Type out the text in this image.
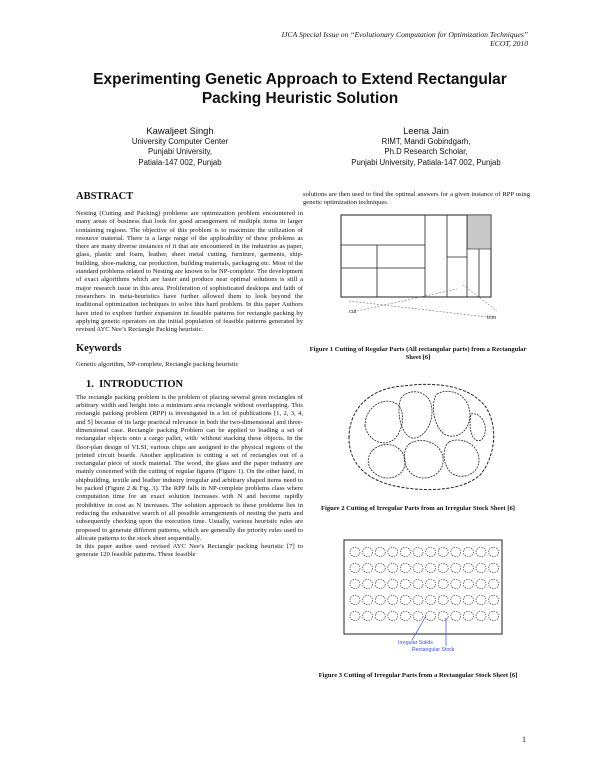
IJCA Special Issue on “Evolutionary Computation for Optimization Techniques”
ECOT, 2010
Experimenting Genetic Approach to Extend Rectangular
Packing Heuristic Solution
Kawaljeet Singh
University Computer Center
Punjabi University,
Patiala-147 002, Punjab
Leena Jain
RIMT, Mandi Gobindgarh,
Ph.D Research Scholar,
Punjabi University, Patiala-147 002, Punjab
ABSTRACT

Nesting (Cutting and Packing) problems are optimization problem encountered in many areas of business that look for good arrangement of multiple items in larger containing regions. The objective of this problem is to maximize the utilization of resource material. There is a large range of the applicability of these problems as there are many diverse instances of it that are encountered in the industries as paper, glass, plastic and foam, leather, sheet metal cutting, furniture, garments, ship-building, shoe-making, car production, building materials, packaging etc. Most of the standard problems related to Nesting are known to be NP-complete. The development of exact algorithms which are faster and produce near optimal solutions is still a major research issue in this area. Proliferation of sophisticated desktops and faith of researchers in meta-heuristics have further allowed them to look beyond the traditional optimization techniques to solve this hard problem. In this paper Authors have tried to explore further expansion in feasible patterns for rectangle packing by applying genetic operators on the initial population of feasible patterns generated by revised AYC Nee’s Rectangle Packing heuristic.

Keywords

Genetic algorithm, NP-complete, Rectangle packing heuristic

1.  INTRODUCTION

The rectangle packing problem is the problem of placing several given rectangles of arbitrary width and height into a minimum area rectangle without overlapping. This rectangle packing problem (RPP) is investigated in a lot of publications [1, 2, 3, 4, and 5] because of its large practical relevance in both the two-dimensional and three-dimensional case. Rectangle packing Problem can be applied to loading a set of rectangular objects onto a cargo pallet, with/ without stacking these objects. In the floor-plan design of VLSI, various chips are assigned to the physical regions of the printed circuit boards. Another application is cutting a set of rectangles out of a rectangular piece of stock material. The wood, the glass and the paper industry are mainly concerned with the cutting of regular figures (Figure 1). On the other hand, in shipbuilding, textile and leather industry irregular and arbitrary shaped items need to be packed (Figure 2 & Fig. 3). The RPP falls in NP-complete problems class where computation time for an exact solution increases with N and become rapidly prohibitive in cost as N increases. The solution approach to these problems lies in reducing the exhaustive search of all possible arrangements of nesting the parts and subsequently checking upon the execution time. Usually, various heuristic rules are proposed to generate different patterns, which are generally the priority rules used to allocate patterns to the stock sheet sequentially.

In this paper author used revised AYC Nee’s Rectangle packing heuristic [7] to generate 120 feasible patterns. These feasible

solutions are then used to find the optimal answers for a given instance of RPP using genetic optimization techniques.

cut
trim
Figure 1 Cutting of Regular Parts (All rectangular parts) from a Rectangular Sheet [6]
Figure 2 Cutting of Irregular Parts from an Irregular Stock Sheet [6]
Irregular Solids
Rectangular Stock
Figure 3 Cutting of Irregular Parts from a Rectangular Stock Sheet [6]
1
